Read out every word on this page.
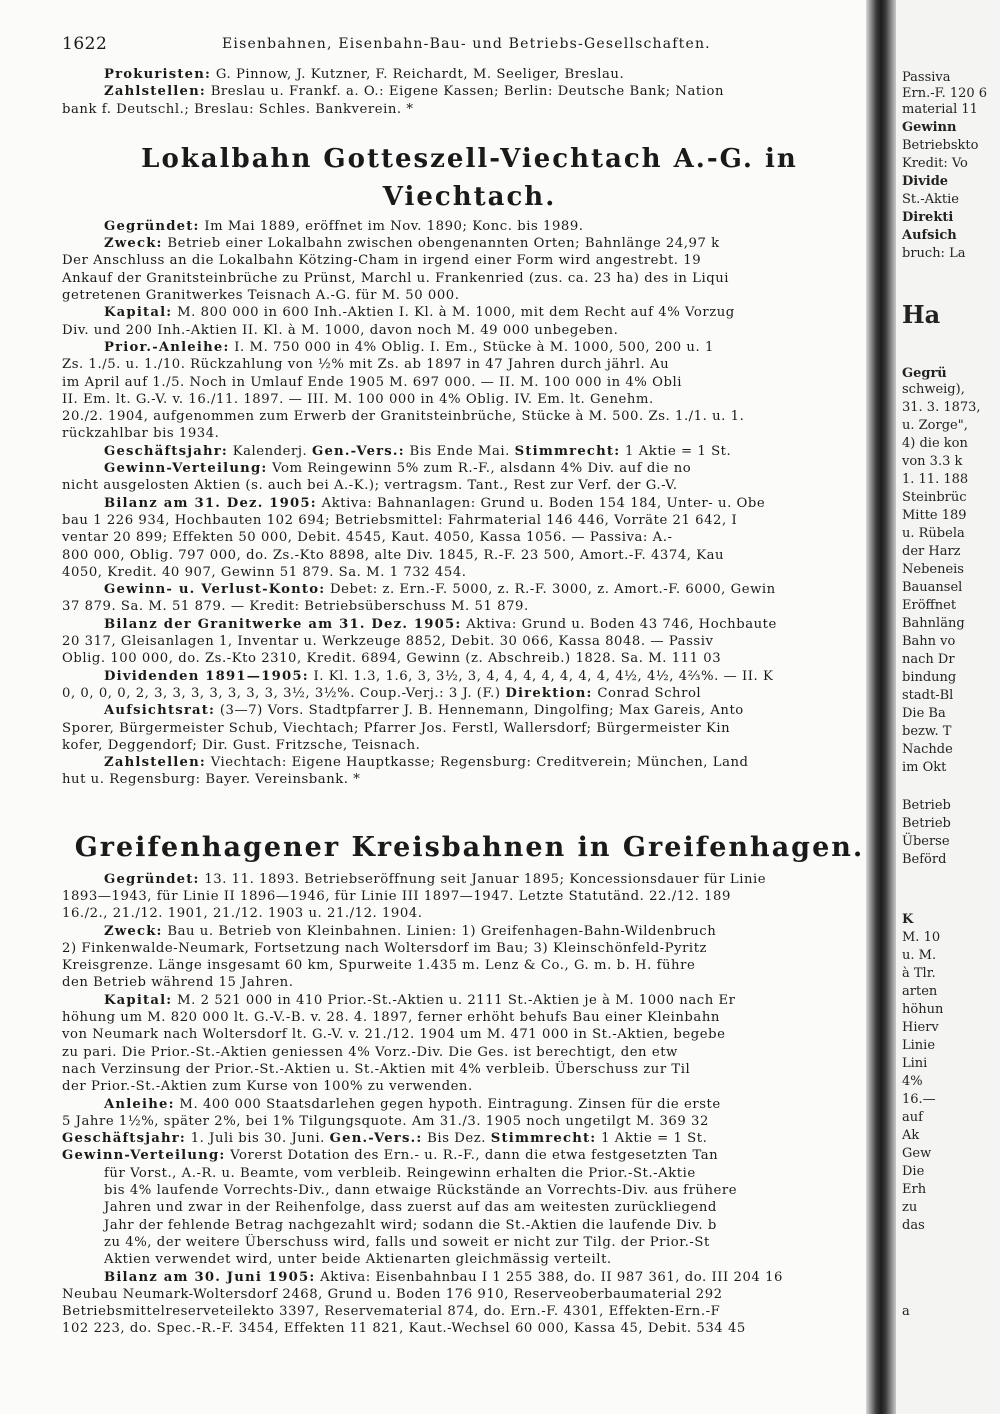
1622	Eisenbahnen, Eisenbahn-Bau- und Betriebs-Gesellschaften.

Prokuristen: G. Pinnow, J. Kutzner, F. Reichardt, M. Seeliger, Breslau.

Zahlstellen: Breslau u. Frankf. a. O.: Eigene Kassen; Berlin: Deutsche Bank; Nation

bank f. Deutschl.; Breslau: Schles. Bankverein. *

Lokalbahn Gotteszell-Viechtach A.-G. in Viechtach.

Gegründet: Im Mai 1889, eröffnet im Nov. 1890; Konc. bis 1989.

Zweck: Betrieb einer Lokalbahn zwischen obengenannten Orten; Bahnlänge 24,97 k

Der Anschluss an die Lokalbahn Kötzing-Cham in irgend einer Form wird angestrebt. 19

Ankauf der Granitsteinbrüche zu Prünst, Marchl u. Frankenried (zus. ca. 23 ha) des in Liqui

getretenen Granitwerkes Teisnach A.-G. für M. 50 000.

Kapital: M. 800 000 in 600 Inh.-Aktien I. Kl. à M. 1000, mit dem Recht auf 4% Vorzug

Div. und 200 Inh.-Aktien II. Kl. à M. 1000, davon noch M. 49 000 unbegeben.

Prior.-Anleihe: I. M. 750 000 in 4% Oblig. I. Em., Stücke à M. 1000, 500, 200 u. 1

Zs. 1./5. u. 1./10. Rückzahlung von ½% mit Zs. ab 1897 in 47 Jahren durch jährl. Au

im April auf 1./5. Noch in Umlauf Ende 1905 M. 697 000. — II. M. 100 000 in 4% Obli

II. Em. lt. G.-V. v. 16./11. 1897. — III. M. 100 000 in 4% Oblig. IV. Em. lt. Genehm.

20./2. 1904, aufgenommen zum Erwerb der Granitsteinbrüche, Stücke à M. 500. Zs. 1./1. u. 1.

rückzahlbar bis 1934.

Geschäftsjahr: Kalenderj. Gen.-Vers.: Bis Ende Mai. Stimmrecht: 1 Aktie = 1 St.

Gewinn-Verteilung: Vom Reingewinn 5% zum R.-F., alsdann 4% Div. auf die no

nicht ausgelosten Aktien (s. auch bei A.-K.); vertragsm. Tant., Rest zur Verf. der G.-V.

Bilanz am 31. Dez. 1905: Aktiva: Bahnanlagen: Grund u. Boden 154 184, Unter- u. Obe

bau 1 226 934, Hochbauten 102 694; Betriebsmittel: Fahrmaterial 146 446, Vorräte 21 642, I

ventar 20 899; Effekten 50 000, Debit. 4545, Kaut. 4050, Kassa 1056. — Passiva: A.-

800 000, Oblig. 797 000, do. Zs.-Kto 8898, alte Div. 1845, R.-F. 23 500, Amort.-F. 4374, Kau

4050, Kredit. 40 907, Gewinn 51 879. Sa. M. 1 732 454.

Gewinn- u. Verlust-Konto: Debet: z. Ern.-F. 5000, z. R.-F. 3000, z. Amort.-F. 6000, Gewin

37 879. Sa. M. 51 879. — Kredit: Betriebsüberschuss M. 51 879.

Bilanz der Granitwerke am 31. Dez. 1905: Aktiva: Grund u. Boden 43 746, Hochbaute

20 317, Gleisanlagen 1, Inventar u. Werkzeuge 8852, Debit. 30 066, Kassa 8048. — Passiv

Oblig. 100 000, do. Zs.-Kto 2310, Kredit. 6894, Gewinn (z. Abschreib.) 1828. Sa. M. 111 03

Dividenden 1891—1905: I. Kl. 1.3, 1.6, 3, 3½, 3, 4, 4, 4, 4, 4, 4, 4, 4½, 4½, 4⅔%. — II. K

0, 0, 0, 0, 2, 3, 3, 3, 3, 3, 3, 3, 3½, 3½%. Coup.-Verj.: 3 J. (F.) Direktion: Conrad Schrol

Aufsichtsrat: (3—7) Vors. Stadtpfarrer J. B. Hennemann, Dingolfing; Max Gareis, Anto

Sporer, Bürgermeister Schub, Viechtach; Pfarrer Jos. Ferstl, Wallersdorf; Bürgermeister Kin

kofer, Deggendorf; Dir. Gust. Fritzsche, Teisnach.

Zahlstellen: Viechtach: Eigene Hauptkasse; Regensburg: Creditverein; München, Land

hut u. Regensburg: Bayer. Vereinsbank. *

Greifenhagener Kreisbahnen in Greifenhagen.

Gegründet: 13. 11. 1893. Betriebseröffnung seit Januar 1895; Koncessionsdauer für Linie

1893—1943, für Linie II 1896—1946, für Linie III 1897—1947. Letzte Statutänd. 22./12. 189

16./2., 21./12. 1901, 21./12. 1903 u. 21./12. 1904.

Zweck: Bau u. Betrieb von Kleinbahnen. Linien: 1) Greifenhagen-Bahn-Wildenbruch

2) Finkenwalde-Neumark, Fortsetzung nach Woltersdorf im Bau; 3) Kleinschönfeld-Pyritz

Kreisgrenze. Länge insgesamt 60 km, Spurweite 1.435 m. Lenz & Co., G. m. b. H. führe

den Betrieb während 15 Jahren.

Kapital: M. 2 521 000 in 410 Prior.-St.-Aktien u. 2111 St.-Aktien je à M. 1000 nach Er

höhung um M. 820 000 lt. G.-V.-B. v. 28. 4. 1897, ferner erhöht behufs Bau einer Kleinbahn

von Neumark nach Woltersdorf lt. G.-V. v. 21./12. 1904 um M. 471 000 in St.-Aktien, begebe

zu pari. Die Prior.-St.-Aktien geniessen 4% Vorz.-Div. Die Ges. ist berechtigt, den etw

nach Verzinsung der Prior.-St.-Aktien u. St.-Aktien mit 4% verbleib. Überschuss zur Til

der Prior.-St.-Aktien zum Kurse von 100% zu verwenden.

Anleihe: M. 400 000 Staatsdarlehen gegen hypoth. Eintragung. Zinsen für die erste

5 Jahre 1½%, später 2%, bei 1% Tilgungsquote. Am 31./3. 1905 noch ungetilgt M. 369 32

Geschäftsjahr: 1. Juli bis 30. Juni. Gen.-Vers.: Bis Dez. Stimmrecht: 1 Aktie = 1 St.

Gewinn-Verteilung: Vorerst Dotation des Ern.- u. R.-F., dann die etwa festgesetzten Tan

für Vorst., A.-R. u. Beamte, vom verbleib. Reingewinn erhalten die Prior.-St.-Aktie

bis 4% laufende Vorrechts-Div., dann etwaige Rückstände an Vorrechts-Div. aus frühere

Jahren und zwar in der Reihenfolge, dass zuerst auf das am weitesten zurückliegend

Jahr der fehlende Betrag nachgezahlt wird; sodann die St.-Aktien die laufende Div. b

zu 4%, der weitere Überschuss wird, falls und soweit er nicht zur Tilg. der Prior.-St

Aktien verwendet wird, unter beide Aktienarten gleichmässig verteilt.

Bilanz am 30. Juni 1905: Aktiva: Eisenbahnbau I 1 255 388, do. II 987 361, do. III 204 16

Neubau Neumark-Woltersdorf 2468, Grund u. Boden 176 910, Reserveoberbaumaterial 292

Betriebsmittelreserveteilekto 3397, Reservematerial 874, do. Ern.-F. 4301, Effekten-Ern.-F

102 223, do. Spec.-R.-F. 3454, Effekten 11 821, Kaut.-Wechsel 60 000, Kassa 45, Debit. 534 45

Passiva
Ern.-F. 120 6
material 11
Gewinn
Betriebskto
Kredit: Vo
Divide
St.-Aktie
Direkti
Aufsich
bruch: La
Ha
Gegrü
schweig),
31. 3. 1873,
u. Zorge",
4) die kon
von 3.3 k
1. 11. 188
Steinbrüc
Mitte 189
u. Rübela
der Harz
Nebeneis
Bauansel
Eröffnet
Bahnläng
Bahn vo
nach Dr
bindung
stadt-Bl
Die Ba
bezw. T
Nachde
im Okt
Betrieb
Betrieb
Überse
Beförd
K
M. 10
u. M.
à Tlr.
arten
höhun
Hierv
Linie
Lini
4%
16.—
auf
Ak
Gew
Die
Erh
zu
das
a
